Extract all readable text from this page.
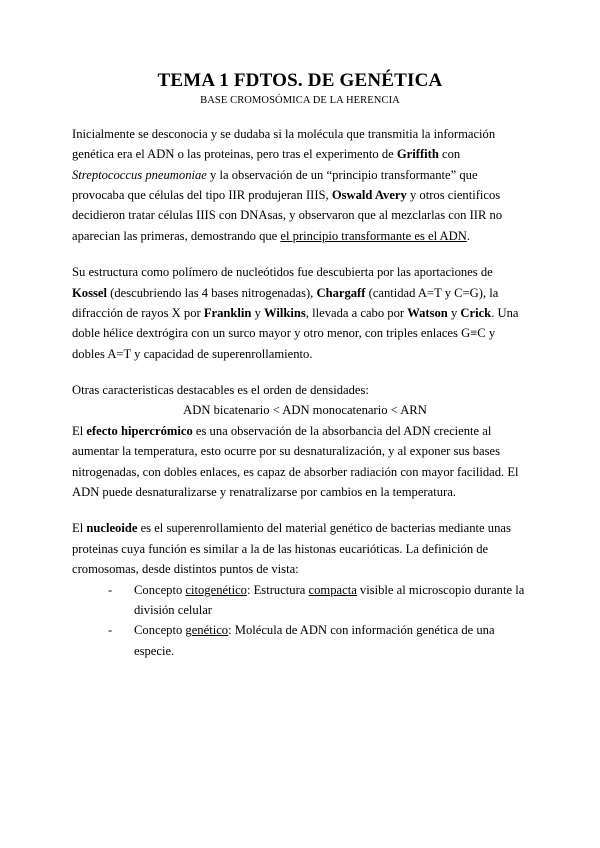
TEMA 1 FDTOS. DE GENÉTICA
BASE CROMOSÓMICA DE LA HERENCIA

Inicialmente se desconocia y se dudaba si la molécula que transmitia la información genética era el ADN o las proteinas, pero tras el experimento de Griffith con Streptococcus pneumoniae y la observación de un “principio transformante” que provocaba que células del tipo IIR produjeran IIIS, Oswald Avery y otros cientificos decidieron tratar células IIIS con DNAsas, y observaron que al mezclarlas con IIR no aparecian las primeras, demostrando que el principio transformante es el ADN.

Su estructura como polímero de nucleótidos fue descubierta por las aportaciones de Kossel (descubriendo las 4 bases nitrogenadas), Chargaff (cantidad A=T y C=G), la difracción de rayos X por Franklin y Wilkins, llevada a cabo por Watson y Crick. Una doble hélice dextrógira con un surco mayor y otro menor, con triples enlaces G≡C y dobles A=T y capacidad de superenrollamiento.

Otras caracteristicas destacables es el orden de densidades:

ADN bicatenario < ADN monocatenario < ARN

El efecto hipercrómico es una observación de la absorbancia del ADN creciente al aumentar la temperatura, esto ocurre por su desnaturalización, y al exponer sus bases nitrogenadas, con dobles enlaces, es capaz de absorber radiación con mayor facilidad. El ADN puede desnaturalizarse y renatralizarse por cambios en la temperatura.

El nucleoide es el superenrollamiento del material genético de bacterias mediante unas proteinas cuya función es similar a la de las histonas eucarióticas. La definición de cromosomas, desde distintos puntos de vista:

- Concepto citogenético: Estructura compacta visible al microscopio durante la división celular
- Concepto genético: Molécula de ADN con información genética de una especie.
